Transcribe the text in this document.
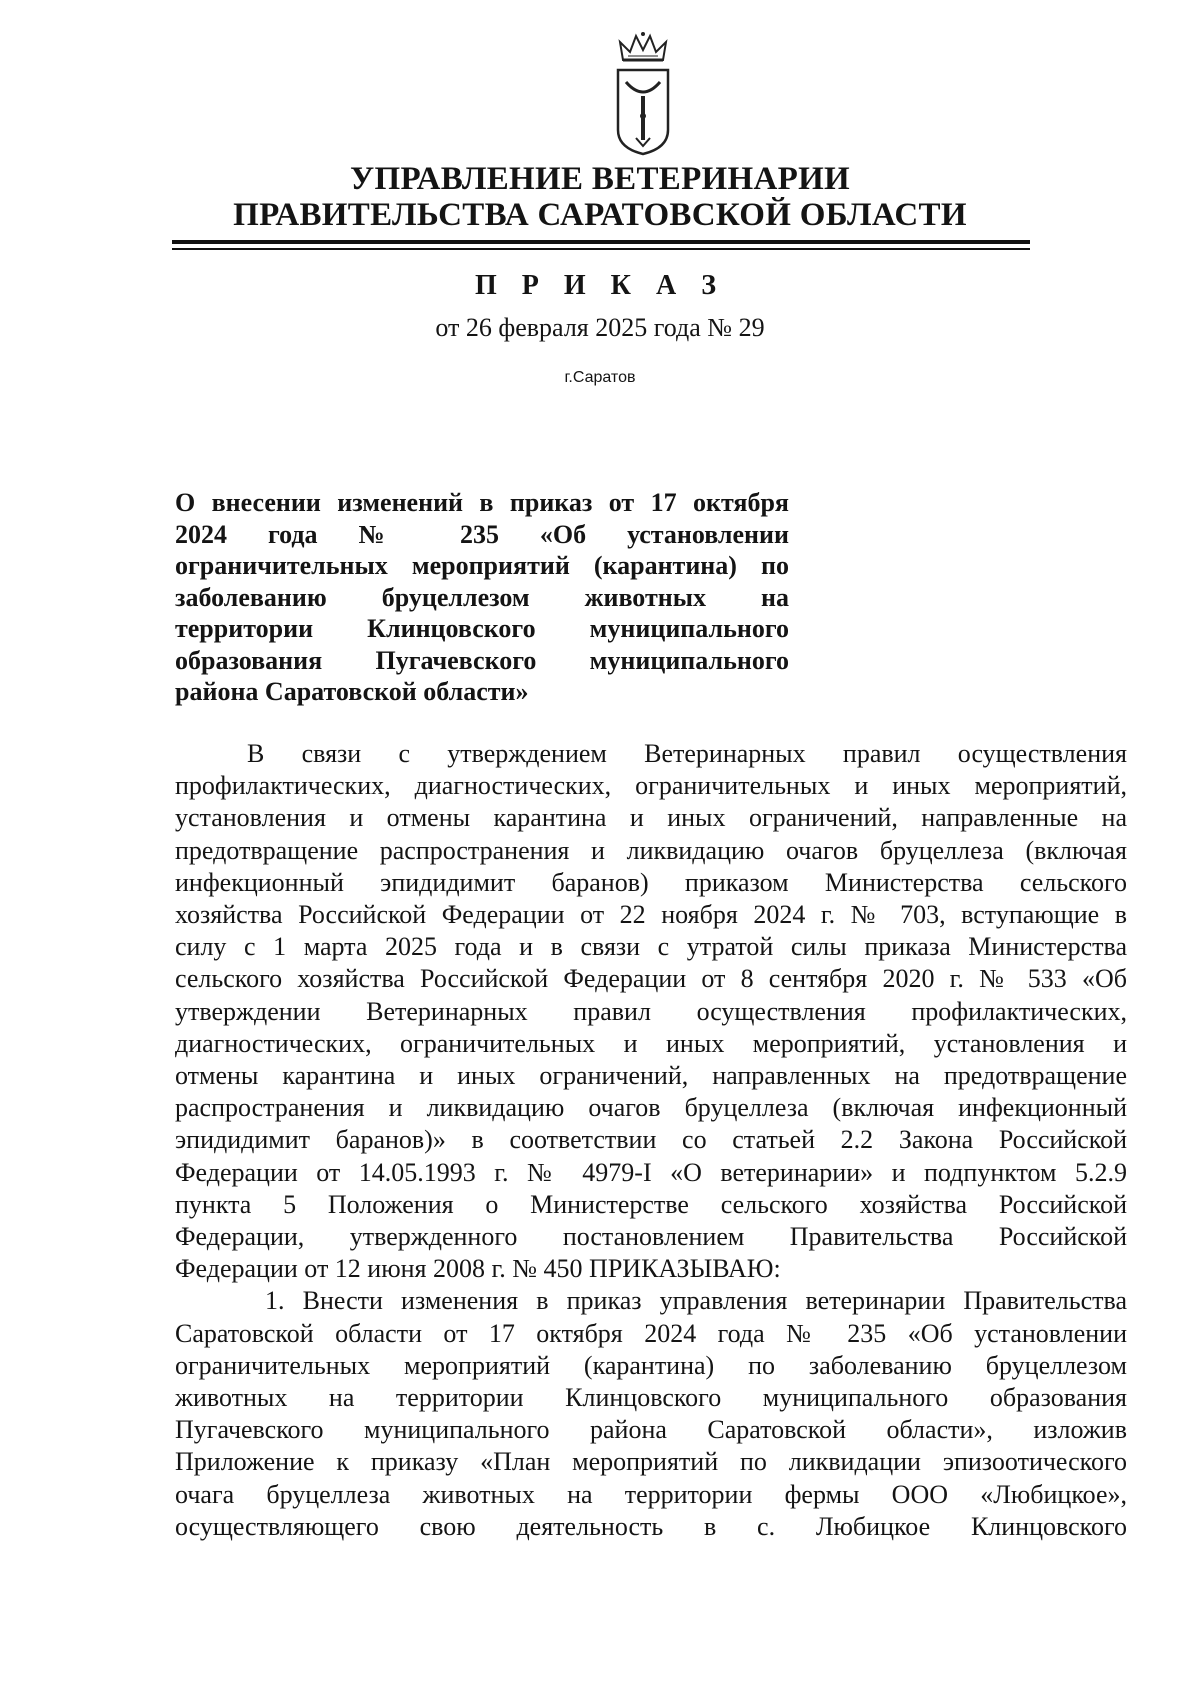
УПРАВЛЕНИЕ ВЕТЕРИНАРИИ
ПРАВИТЕЛЬСТВА САРАТОВСКОЙ ОБЛАСТИ
П Р И К А З
от 26 февраля 2025 года № 29
г.Саратов
О внесении изменений в приказ от 17 октября
2024 года № 235 «Об установлении
ограничительных мероприятий (карантина) по
заболеванию бруцеллезом животных на
территории Клинцовского муниципального
образования Пугачевского муниципального
района Саратовской области»
В связи с утверждением Ветеринарных правил осуществления
профилактических, диагностических, ограничительных и иных мероприятий,
установления и отмены карантина и иных ограничений, направленные на
предотвращение распространения и ликвидацию очагов бруцеллеза (включая
инфекционный эпидидимит баранов) приказом Министерства сельского
хозяйства Российской Федерации от 22 ноября 2024 г. № 703, вступающие в
силу с 1 марта 2025 года и в связи с утратой силы приказа Министерства
сельского хозяйства Российской Федерации от 8 сентября 2020 г. № 533 «Об
утверждении Ветеринарных правил осуществления профилактических,
диагностических, ограничительных и иных мероприятий, установления и
отмены карантина и иных ограничений, направленных на предотвращение
распространения и ликвидацию очагов бруцеллеза (включая инфекционный
эпидидимит баранов)» в соответствии со статьей 2.2 Закона Российской
Федерации от 14.05.1993 г. № 4979-I «О ветеринарии» и подпунктом 5.2.9
пункта 5 Положения о Министерстве сельского хозяйства Российской
Федерации, утвержденного постановлением Правительства Российской
Федерации от 12 июня 2008 г. № 450 ПРИКАЗЫВАЮ:
1. Внести изменения в приказ управления ветеринарии Правительства
Саратовской области от 17 октября 2024 года № 235 «Об установлении
ограничительных мероприятий (карантина) по заболеванию бруцеллезом
животных на территории Клинцовского муниципального образования
Пугачевского муниципального района Саратовской области», изложив
Приложение к приказу «План мероприятий по ликвидации эпизоотического
очага бруцеллеза животных на территории фермы ООО «Любицкое»,
осуществляющего свою деятельность в с. Любицкое Клинцовского
